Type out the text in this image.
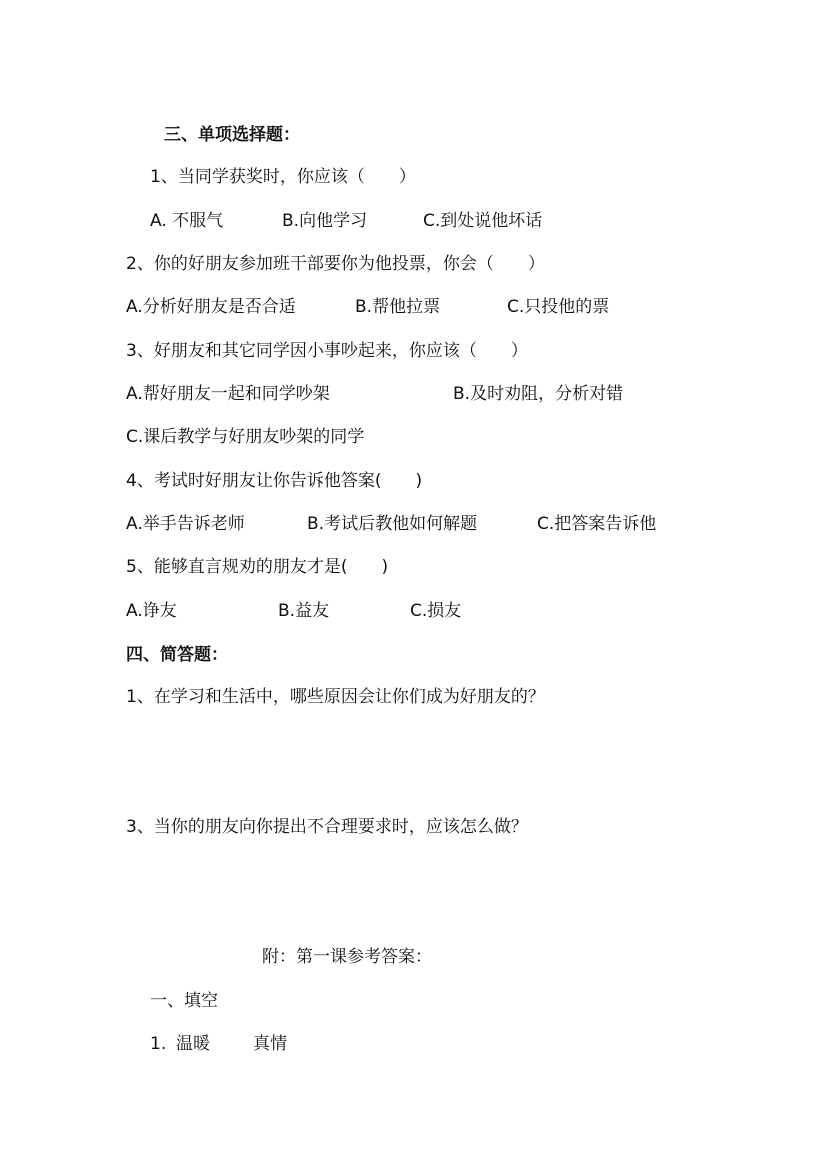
三、单项选择题：
1、当同学获奖时，你应该（　　）
A. 不服气	B.向他学习	C.到处说他坏话
2、你的好朋友参加班干部要你为他投票，你会（　　）
A.分析好朋友是否合适	B.帮他拉票	C.只投他的票
3、好朋友和其它同学因小事吵起来，你应该（　　）
A.帮好朋友一起和同学吵架	B.及时劝阻，分析对错
C.课后教学与好朋友吵架的同学
4、考试时好朋友让你告诉他答案(　　)
A.举手告诉老师	B.考试后教他如何解题	C.把答案告诉他
5、能够直言规劝的朋友才是(　　)
A.诤友	B.益友	C.损友
四、简答题：
1、在学习和生活中，哪些原因会让你们成为好朋友的？
3、当你的朋友向你提出不合理要求时，应该怎么做？
附：第一课参考答案：
一、填空
1. 温暖	真情
